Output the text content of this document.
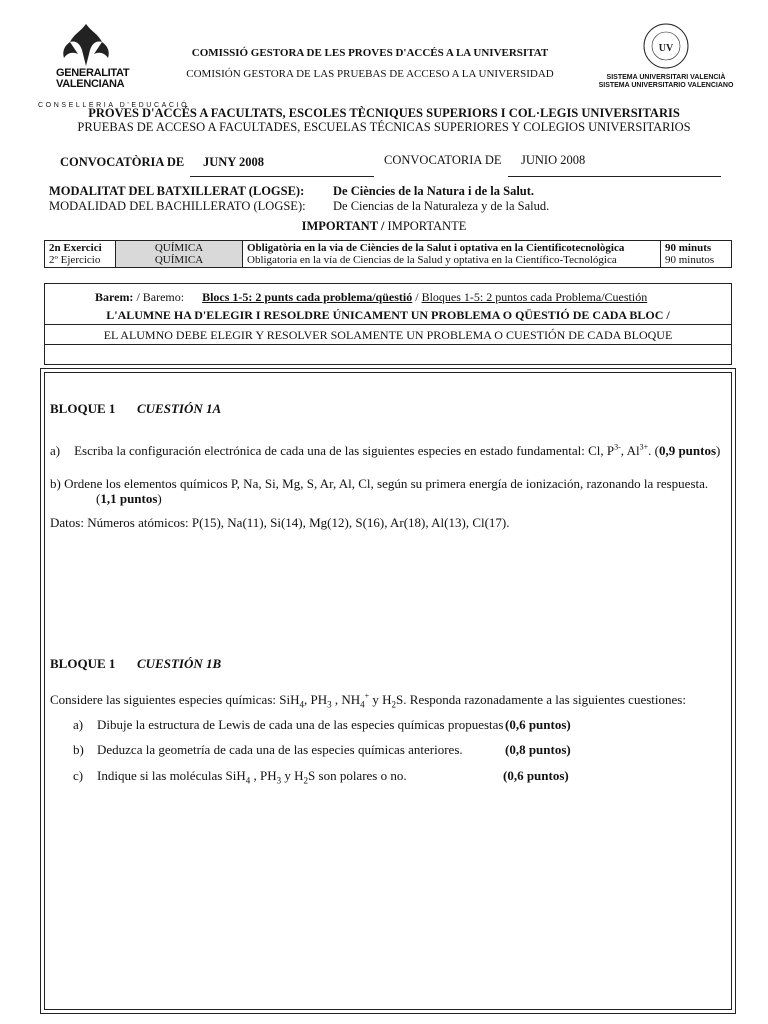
GENERALITAT
VALENCIANA
CONSELLERIA D'EDUCACIÓ
UV
SISTEMA UNIVERSITARI VALENCIÀ
SISTEMA UNIVERSITARIO VALENCIANO
COMISSIÓ GESTORA DE LES PROVES D'ACCÉS A LA UNIVERSITAT
COMISIÓN GESTORA DE LAS PRUEBAS DE ACCESO A LA UNIVERSIDAD
PROVES D'ACCÉS A FACULTATS, ESCOLES TÈCNIQUES SUPERIORS I COL·LEGIS UNIVERSITARIS
PRUEBAS DE ACCESO A FACULTADES, ESCUELAS TÉCNICAS SUPERIORES Y COLEGIOS UNIVERSITARIOS
CONVOCATÒRIA DE JUNY 2008	CONVOCATORIA DE JUNIO 2008
MODALITAT DEL BATXILLERAT (LOGSE): De Ciències de la Natura i de la Salut.
MODALIDAD DEL BACHILLERATO (LOGSE): De Ciencias de la Naturaleza y de la Salud.
IMPORTANT / IMPORTANTE
2n Exercici
2º Ejercicio

QUÍMICA
QUÍMICA

Obligatòria en la via de Ciències de la Salut i optativa en la Cientificotecnològica
Obligatoria en la vía de Ciencias de la Salud y optativa en la Científico-Tecnológica

90 minuts
90 minutos
Barem: / Baremo: Blocs 1-5: 2 punts cada problema/qüestió / Bloques 1-5: 2 puntos cada Problema/Cuestión
L'ALUMNE HA D'ELEGIR I RESOLDRE ÚNICAMENT UN PROBLEMA O QÜESTIÓ DE CADA BLOC /
EL ALUMNO DEBE ELEGIR Y RESOLVER SOLAMENTE UN PROBLEMA O CUESTIÓN DE CADA BLOQUE
BLOQUE 1 CUESTIÓN 1A
a) Escriba la configuración electrónica de cada una de las siguientes especies en estado fundamental: Cl, $P^{3-}$, $Al^{3+}$. (0,9 puntos)
b) Ordene los elementos químicos P, Na, Si, Mg, S, Ar, Al, Cl, según su primera energía de ionización, razonando la respuesta.
(1,1 puntos)
Datos: Números atómicos: P(15), Na(11), Si(14), Mg(12), S(16), Ar(18), Al(13), Cl(17).
BLOQUE 1 CUESTIÓN 1B
Considere las siguientes especies químicas: SiH$_4$, $PH_3$ , $NH_4^+$ y $H_2S$. Responda razonadamente a las siguientes cuestiones:
a) Dibuje la estructura de Lewis de cada una de las especies químicas propuestas (0,6 puntos)
b) Deduzca la geometría de cada una de las especies químicas anteriores.	(0,8 puntos)
c) Indique si las moléculas SiH$_4$ , $PH_3$ y $H_2S$ son polares o no.	(0,6 puntos)
